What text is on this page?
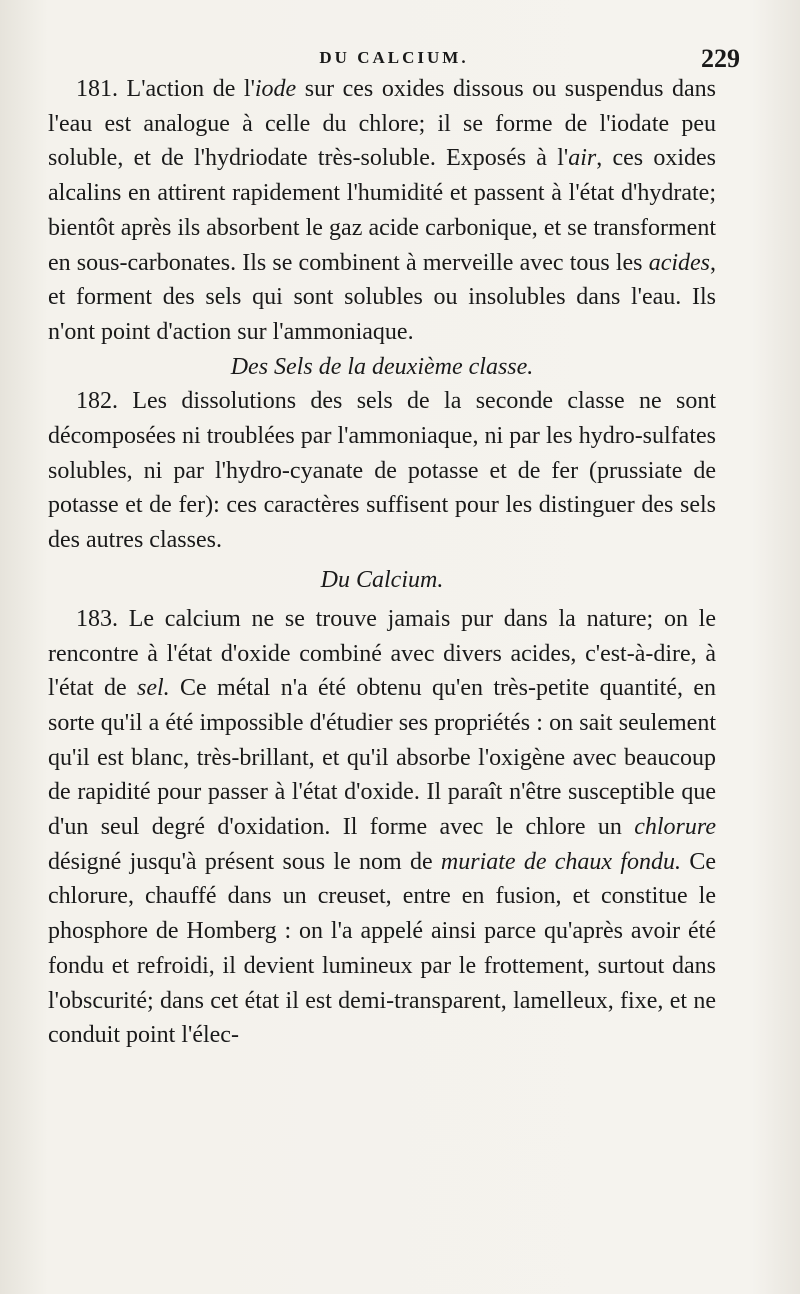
DU CALCIUM.	229

181. L'action de l'iode sur ces oxides dissous ou suspendus dans l'eau est analogue à celle du chlore; il se forme de l'iodate peu soluble, et de l'hydriodate très-soluble. Exposés à l'air, ces oxides alcalins en attirent rapidement l'humidité et passent à l'état d'hydrate; bientôt après ils absorbent le gaz acide carbonique, et se transforment en sous-carbonates. Ils se combinent à merveille avec tous les acides, et forment des sels qui sont solubles ou insolubles dans l'eau. Ils n'ont point d'action sur l'ammoniaque.

Des Sels de la deuxième classe.

182. Les dissolutions des sels de la seconde classe ne sont décomposées ni troublées par l'ammoniaque, ni par les hydro-sulfates solubles, ni par l'hydro-cyanate de potasse et de fer (prussiate de potasse et de fer): ces caractères suffisent pour les distinguer des sels des autres classes.

Du Calcium.

183. Le calcium ne se trouve jamais pur dans la nature; on le rencontre à l'état d'oxide combiné avec divers acides, c'est-à-dire, à l'état de sel. Ce métal n'a été obtenu qu'en très-petite quantité, en sorte qu'il a été impossible d'étudier ses propriétés : on sait seulement qu'il est blanc, très-brillant, et qu'il absorbe l'oxigène avec beaucoup de rapidité pour passer à l'état d'oxide. Il paraît n'être susceptible que d'un seul degré d'oxidation. Il forme avec le chlore un chlorure désigné jusqu'à présent sous le nom de muriate de chaux fondu. Ce chlorure, chauffé dans un creuset, entre en fusion, et constitue le phosphore de Homberg : on l'a appelé ainsi parce qu'après avoir été fondu et refroidi, il devient lumineux par le frottement, surtout dans l'obscurité; dans cet état il est demi-transparent, lamelleux, fixe, et ne conduit point l'élec-
